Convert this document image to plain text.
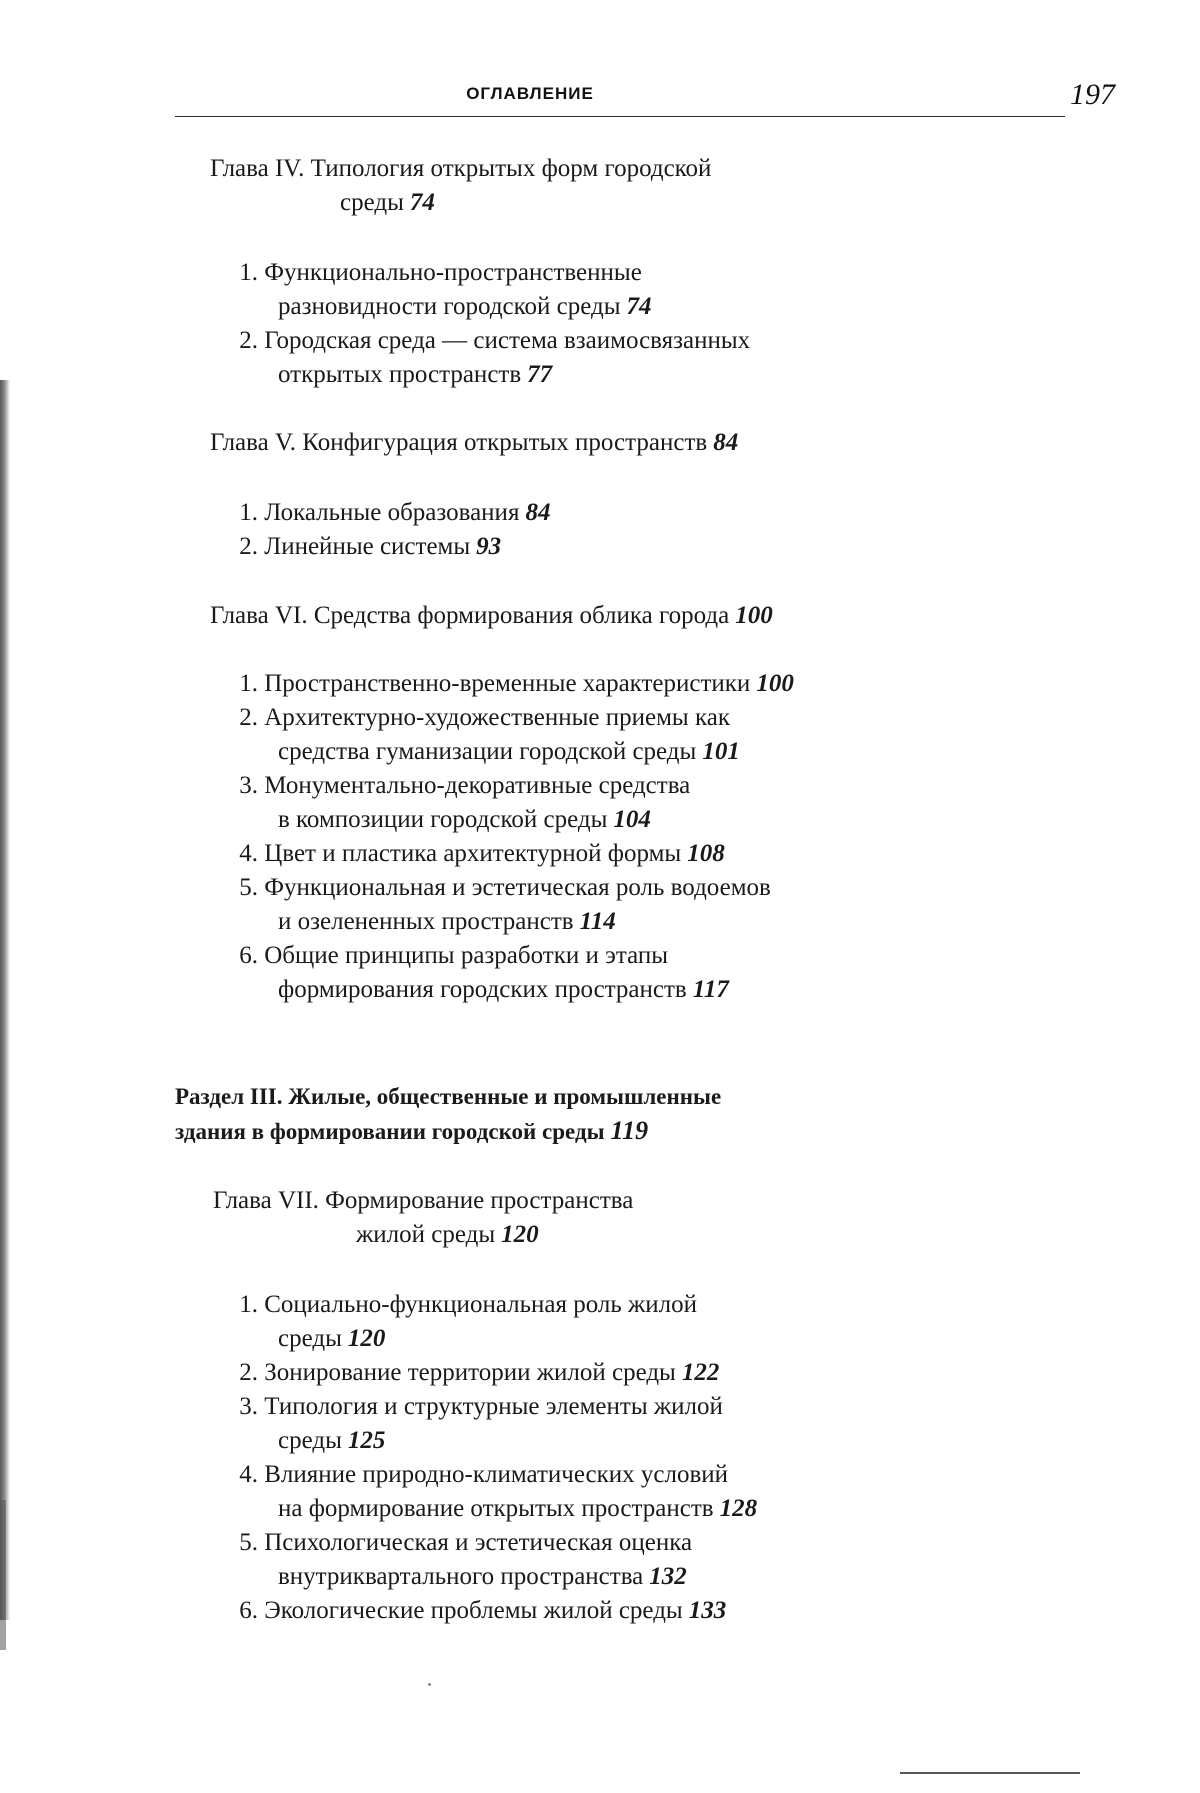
ОГЛАВЛЕНИЕ	197
Глава IV. Типология открытых форм городской
среды 74
1. Функционально-пространственные
разновидности городской среды 74
2. Городская среда — система взаимосвязанных
открытых пространств 77
Глава V. Конфигурация открытых пространств 84
1. Локальные образования 84
2. Линейные системы 93
Глава VI. Средства формирования облика города 100
1. Пространственно-временные характеристики 100
2. Архитектурно-художественные приемы как
средства гуманизации городской среды 101
3. Монументально-декоративные средства
в композиции городской среды 104
4. Цвет и пластика архитектурной формы 108
5. Функциональная и эстетическая роль водоемов
и озелененных пространств 114
6. Общие принципы разработки и этапы
формирования городских пространств 117
Раздел III. Жилые, общественные и промышленные
здания в формировании городской среды 119
Глава VII. Формирование пространства
жилой среды 120
1. Социально-функциональная роль жилой
среды 120
2. Зонирование территории жилой среды 122
3. Типология и структурные элементы жилой
среды 125
4. Влияние природно-климатических условий
на формирование открытых пространств 128
5. Психологическая и эстетическая оценка
внутриквартального пространства 132
6. Экологические проблемы жилой среды 133
